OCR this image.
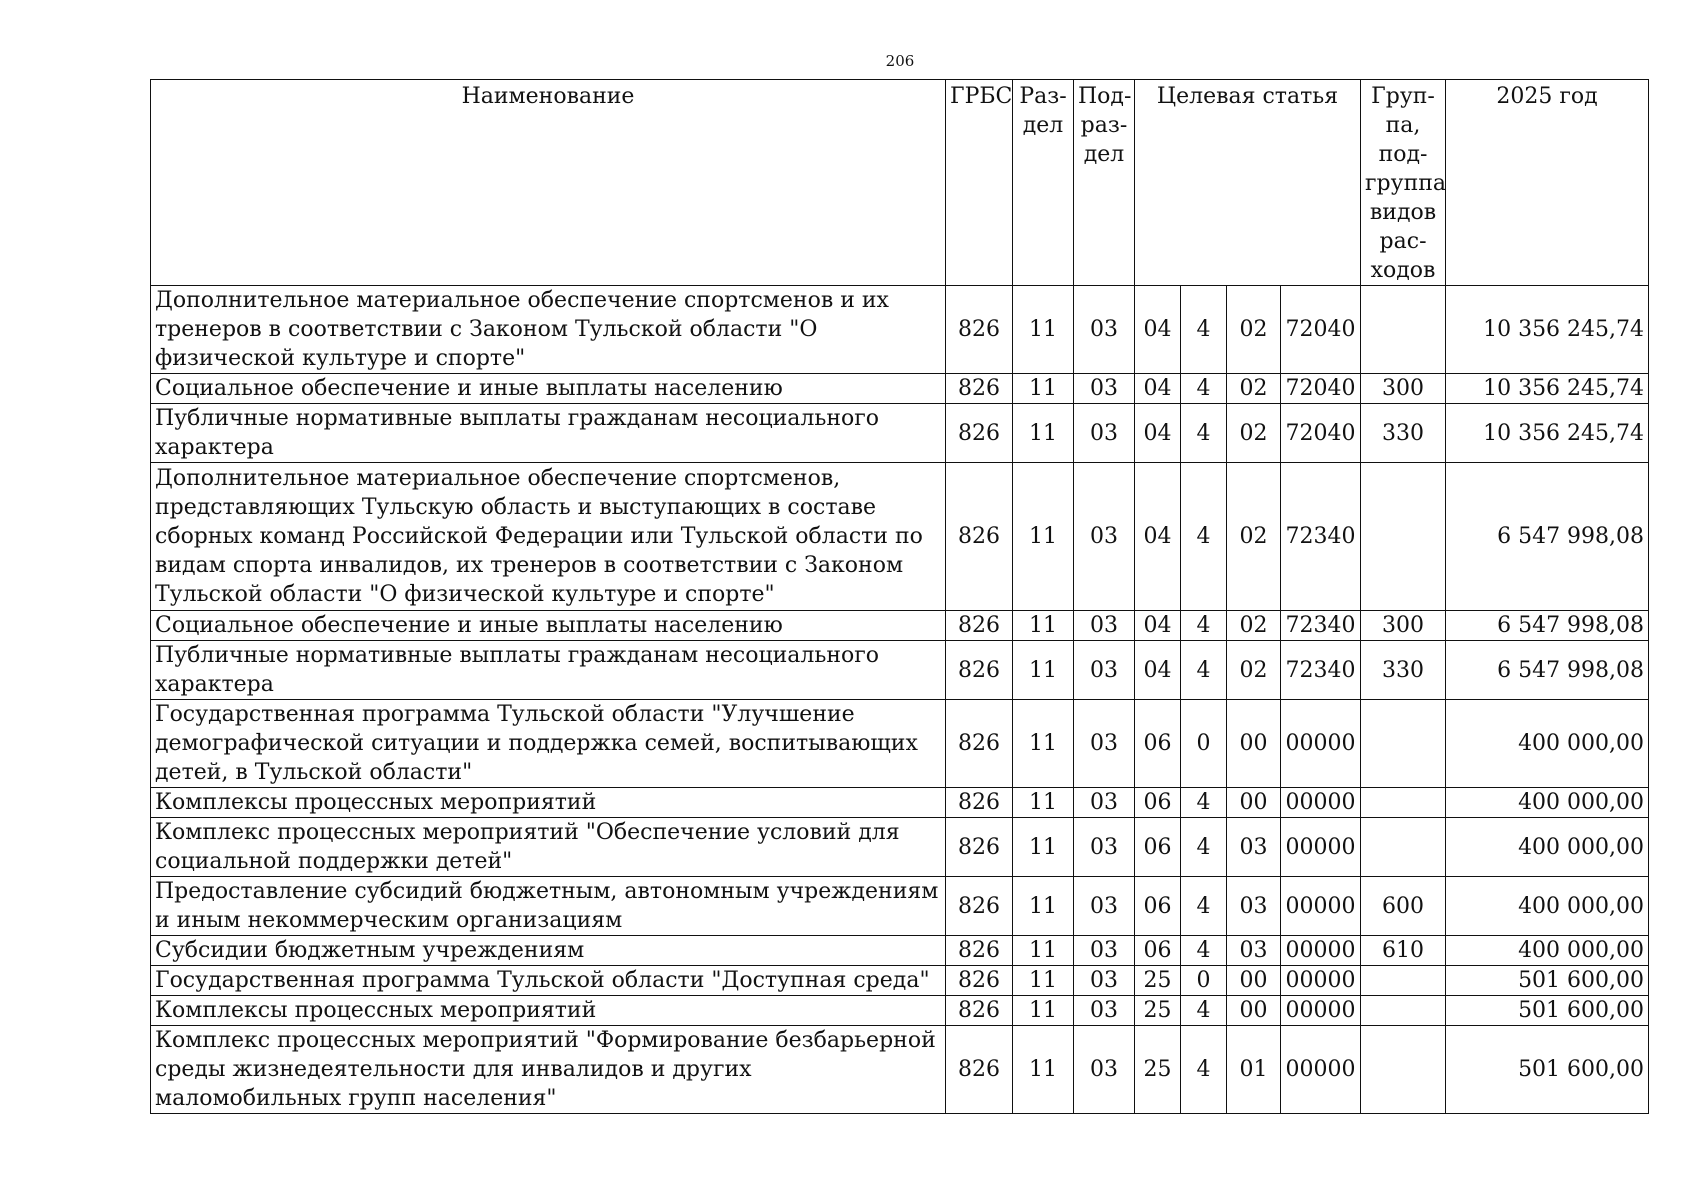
206
Наименование	ГРБС	Раз- дел	Под- раз- дел	Целевая статья				Груп- па, под- группа видов рас- ходов	2025 год
Дополнительное материальное обеспечение спортсменов и их тренеров в соответствии с Законом Тульской области "О физической культуре и спорте"	826	11	03	04	4	02	72040		10 356 245,74
Социальное обеспечение и иные выплаты населению	826	11	03	04	4	02	72040	300	10 356 245,74
Публичные нормативные выплаты гражданам несоциального характера	826	11	03	04	4	02	72040	330	10 356 245,74
Дополнительное материальное обеспечение спортсменов, представляющих Тульскую область и выступающих в составе сборных команд Российской Федерации или Тульской области по видам спорта инвалидов, их тренеров в соответствии с Законом Тульской области "О физической культуре и спорте"	826	11	03	04	4	02	72340		6 547 998,08
Социальное обеспечение и иные выплаты населению	826	11	03	04	4	02	72340	300	6 547 998,08
Публичные нормативные выплаты гражданам несоциального характера	826	11	03	04	4	02	72340	330	6 547 998,08
Государственная программа Тульской области "Улучшение демографической ситуации и поддержка семей, воспитывающих детей, в Тульской области"	826	11	03	06	0	00	00000		400 000,00
Комплексы процессных мероприятий	826	11	03	06	4	00	00000		400 000,00
Комплекс процессных мероприятий "Обеспечение условий для социальной поддержки детей"	826	11	03	06	4	03	00000		400 000,00
Предоставление субсидий бюджетным, автономным учреждениям и иным некоммерческим организациям	826	11	03	06	4	03	00000	600	400 000,00
Субсидии бюджетным учреждениям	826	11	03	06	4	03	00000	610	400 000,00
Государственная программа Тульской области "Доступная среда"	826	11	03	25	0	00	00000		501 600,00
Комплексы процессных мероприятий	826	11	03	25	4	00	00000		501 600,00
Комплекс процессных мероприятий "Формирование безбарьерной среды жизнедеятельности для инвалидов и других маломобильных групп населения"	826	11	03	25	4	01	00000		501 600,00
